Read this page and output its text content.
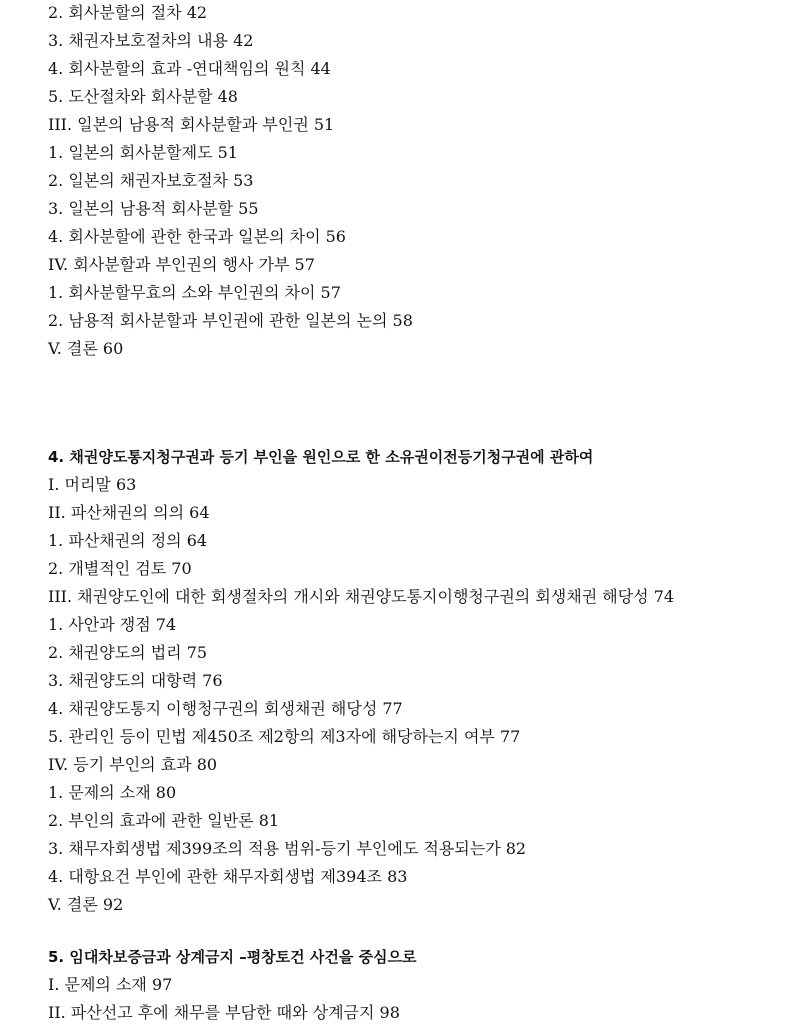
2. 회사분할의 절차 42
3. 채권자보호절차의 내용 42
4. 회사분할의 효과 -연대책임의 원칙 44
5. 도산절차와 회사분할 48
III. 일본의 남용적 회사분할과 부인권 51
1. 일본의 회사분할제도 51
2. 일본의 채권자보호절차 53
3. 일본의 남용적 회사분할 55
4. 회사분할에 관한 한국과 일본의 차이 56
IV. 회사분할과 부인권의 행사 가부 57
1. 회사분할무효의 소와 부인권의 차이 57
2. 남용적 회사분할과 부인권에 관한 일본의 논의 58
V. 결론 60
4. 채권양도통지청구권과 등기 부인을 원인으로 한 소유권이전등기청구권에 관하여
I. 머리말 63
II. 파산채권의 의의 64
1. 파산채권의 정의 64
2. 개별적인 검토 70
III. 채권양도인에 대한 회생절차의 개시와 채권양도통지이행청구권의 회생채권 해당성 74
1. 사안과 쟁점 74
2. 채권양도의 법리 75
3. 채권양도의 대항력 76
4. 채권양도통지 이행청구권의 회생채권 해당성 77
5. 관리인 등이 민법 제450조 제2항의 제3자에 해당하는지 여부 77
IV. 등기 부인의 효과 80
1. 문제의 소재 80
2. 부인의 효과에 관한 일반론 81
3. 채무자회생법 제399조의 적용 범위-등기 부인에도 적용되는가 82
4. 대항요건 부인에 관한 채무자회생법 제394조 83
V. 결론 92
5. 임대차보증금과 상계금지 –평창토건 사건을 중심으로
I. 문제의 소재 97
II. 파산선고 후에 채무를 부담한 때와 상계금지 98
